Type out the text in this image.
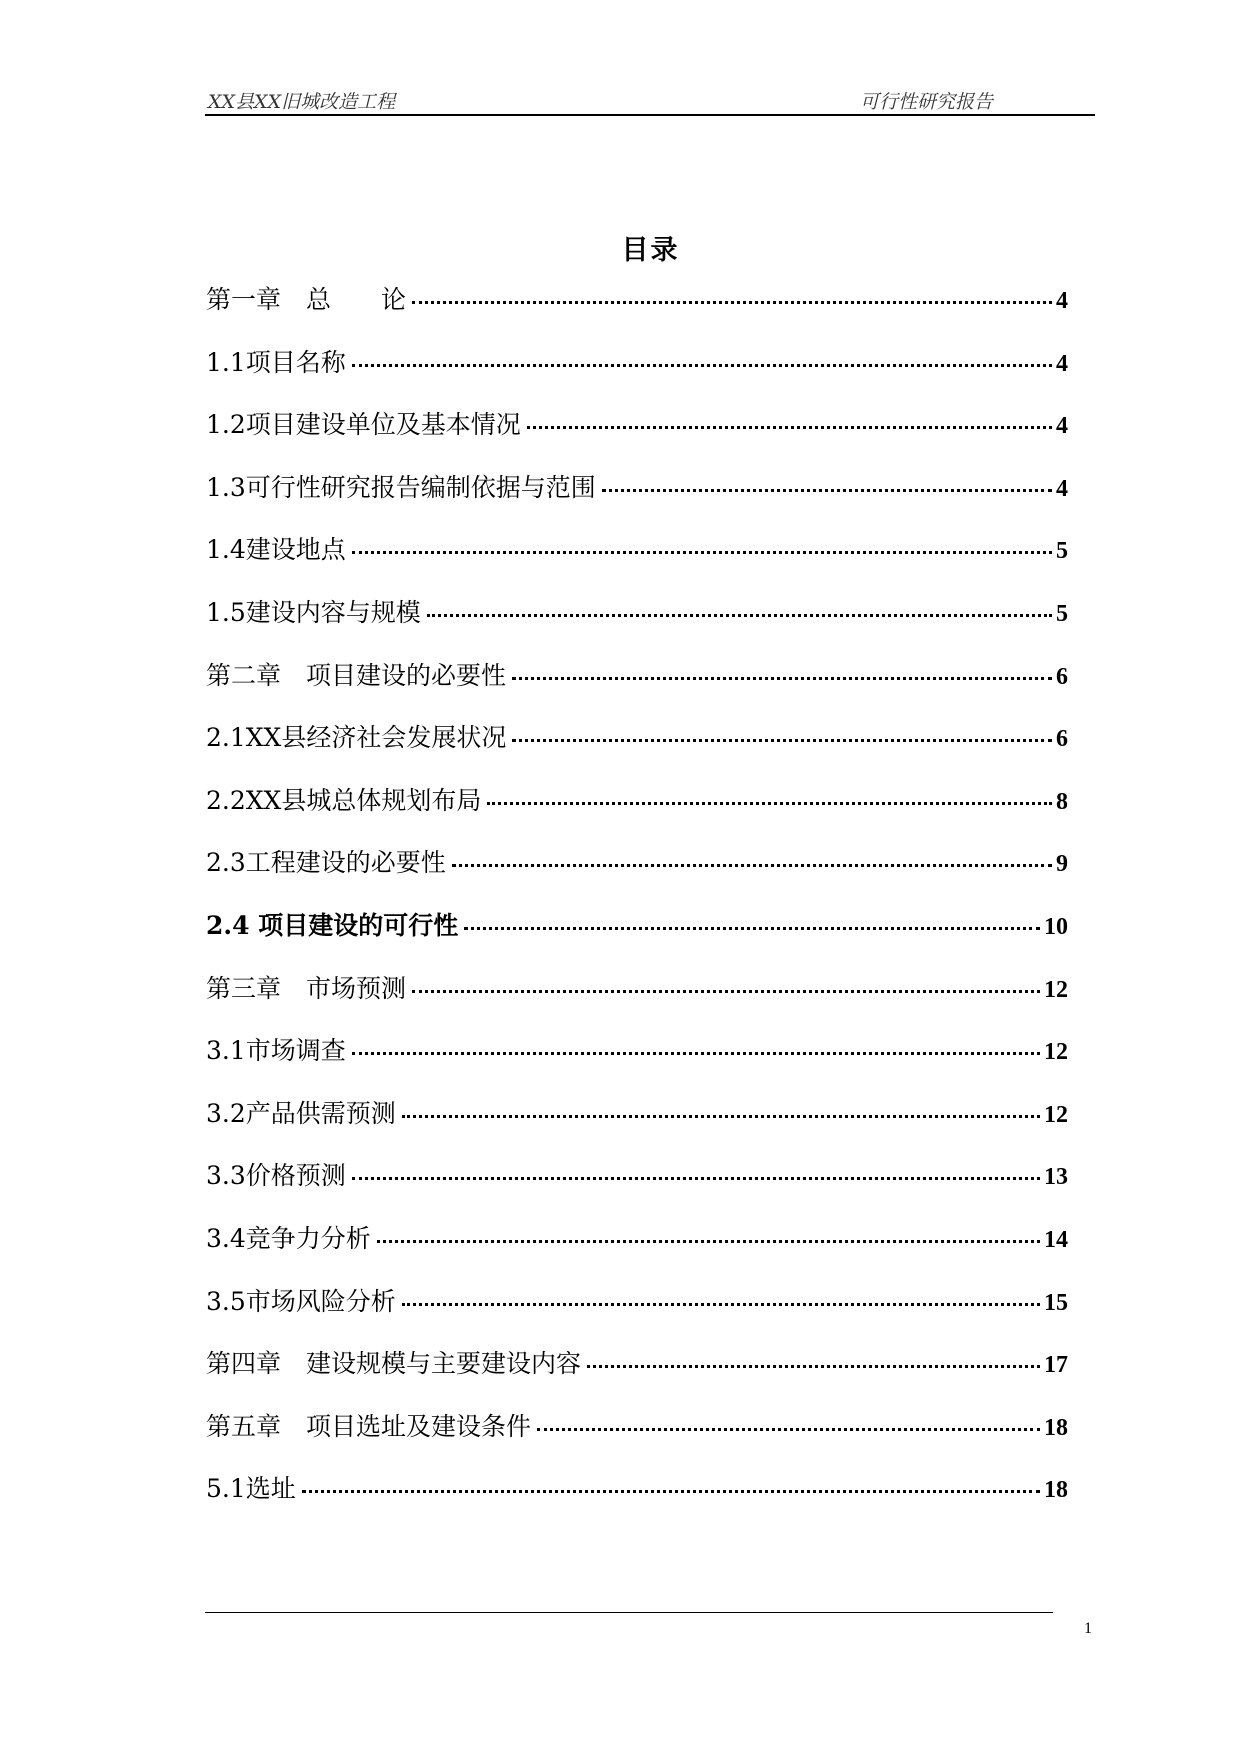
XX县XX旧城改造工程	可行性研究报告
目录
第一章　总　　论	4
1.1项目名称	4
1.2项目建设单位及基本情况	4
1.3可行性研究报告编制依据与范围	4
1.4建设地点	5
1.5建设内容与规模	5
第二章　项目建设的必要性	6
2.1XX县经济社会发展状况	6
2.2XX县城总体规划布局	8
2.3工程建设的必要性	9
2.4 项目建设的可行性	10
第三章　市场预测	12
3.1市场调查	12
3.2产品供需预测	12
3.3价格预测	13
3.4竞争力分析	14
3.5市场风险分析	15
第四章　建设规模与主要建设内容	17
第五章　项目选址及建设条件	18
5.1选址	18
1
